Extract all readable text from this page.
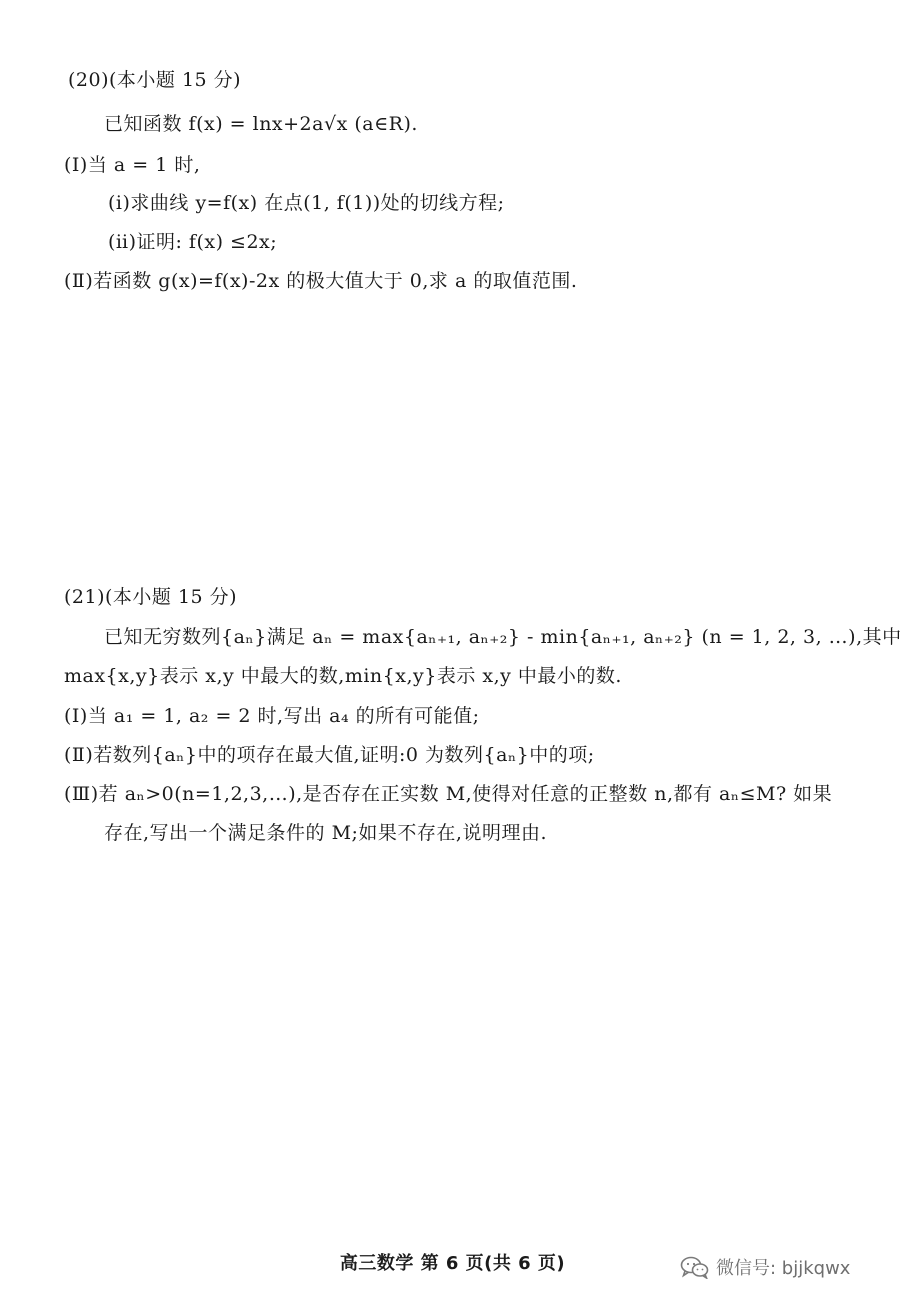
(20)(本小题 15 分)
已知函数 f(x) = lnx+2a√x (a∈R).
(Ⅰ)当 a = 1 时,
(ⅰ)求曲线 y=f(x) 在点(1, f(1))处的切线方程;
(ⅱ)证明: f(x) ≤2x;
(Ⅱ)若函数 g(x)=f(x)-2x 的极大值大于 0,求 a 的取值范围.
(21)(本小题 15 分)
已知无穷数列{aₙ}满足 aₙ = max{aₙ₊₁, aₙ₊₂} - min{aₙ₊₁, aₙ₊₂} (n = 1, 2, 3, …),其中
max{x,y}表示 x,y 中最大的数,min{x,y}表示 x,y 中最小的数.
(Ⅰ)当 a₁ = 1, a₂ = 2 时,写出 a₄ 的所有可能值;
(Ⅱ)若数列{aₙ}中的项存在最大值,证明:0 为数列{aₙ}中的项;
(Ⅲ)若 aₙ>0(n=1,2,3,…),是否存在正实数 M,使得对任意的正整数 n,都有 aₙ≤M? 如果
存在,写出一个满足条件的 M;如果不存在,说明理由.
高三数学 第 6 页(共 6 页)	微信号: bjjkqwx
